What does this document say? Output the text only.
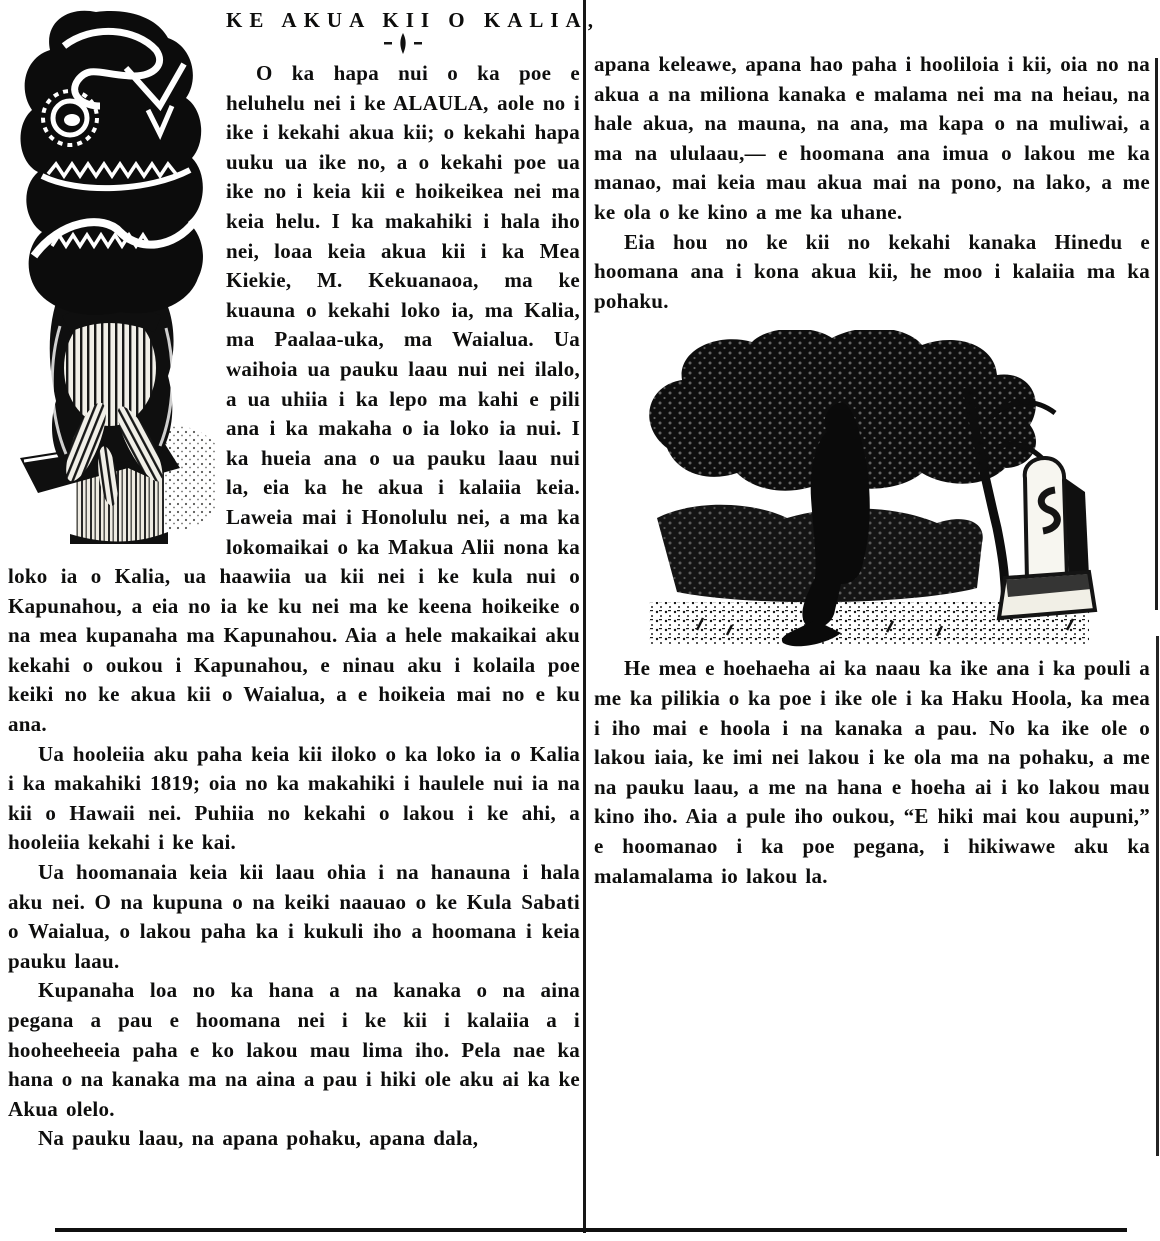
KE AKUA KII O KALIA,

O ka hapa nui o ka poe e heluhelu nei i ke ALAULA, aole no i ike i kekahi akua kii; o kekahi hapa uuku ua ike no, a o kekahi poe ua ike no i keia kii e hoikeikea nei ma keia helu. I ka makahiki i hala iho nei, loaa keia akua kii i ka Mea Kiekie, M. Kekuanaoa, ma ke kuauna o kekahi loko ia, ma Kalia, ma Paalaa-uka, ma Waialua. Ua waihoia ua pauku laau nui nei ilalo, a ua uhiia i ka lepo ma kahi e pili ana i ka makaha o ia loko ia nui. I ka hueia ana o ua pauku laau nui la, eia ka he akua i kalaiia keia. Laweia mai i Honolulu nei, a ma ka lokomaikai o ka Makua Alii nona ka loko ia o Kalia, ua haawiia ua kii nei i ke kula nui o Kapunahou, a eia no ia ke ku nei ma ke keena hoikeike o na mea kupanaha ma Kapunahou. Aia a hele makaikai aku kekahi o oukou i Kapunahou, e ninau aku i kolaila poe keiki no ke akua kii o Waialua, a e hoikeia mai no e ku ana.

Ua hooleiia aku paha keia kii iloko o ka loko ia o Kalia i ka makahiki 1819; oia no ka makahiki i haulele nui ia na kii o Hawaii nei. Puhiia no kekahi o lakou i ke ahi, a hooleiia kekahi i ke kai.

Ua hoomanaia keia kii laau ohia i na hanauna i hala aku nei. O na kupuna o na keiki naauao o ke Kula Sabati o Waialua, o lakou paha ka i kukuli iho a hoomana i keia pauku laau.

Kupanaha loa no ka hana a na kanaka o na aina pegana a pau e hoomana nei i ke kii i kalaiia a i hooheeheeia paha e ko lakou mau lima iho. Pela nae ka hana o na kanaka ma na aina a pau i hiki ole aku ai ka ke Akua olelo.

Na pauku laau, na apana pohaku, apana dala,

apana keleawe, apana hao paha i hooliloia i kii, oia no na akua a na miliona kanaka e malama nei ma na heiau, na hale akua, na mauna, na ana, ma kapa o na muliwai, a ma na ululaau,— e hoomana ana imua o lakou me ka manao, mai keia mau akua mai na pono, na lako, a me ke ola o ke kino a me ka uhane.

Eia hou no ke kii no kekahi kanaka Hinedu e hoomana ana i kona akua kii, he moo i kalaiia ma ka pohaku.

He mea e hoehaeha ai ka naau ka ike ana i ka pouli a me ka pilikia o ka poe i ike ole i ka Haku Hoola, ka mea i iho mai e hoola i na kanaka a pau. No ka ike ole o lakou iaia, ke imi nei lakou i ke ola ma na pohaku, a me na pauku laau, a me na hana e hoeha ai i ko lakou mau kino iho. Aia a pule iho oukou, “E hiki mai kou aupuni,” e hoomanao i ka poe pegana, i hikiwawe aku ka malamalama io lakou la.
